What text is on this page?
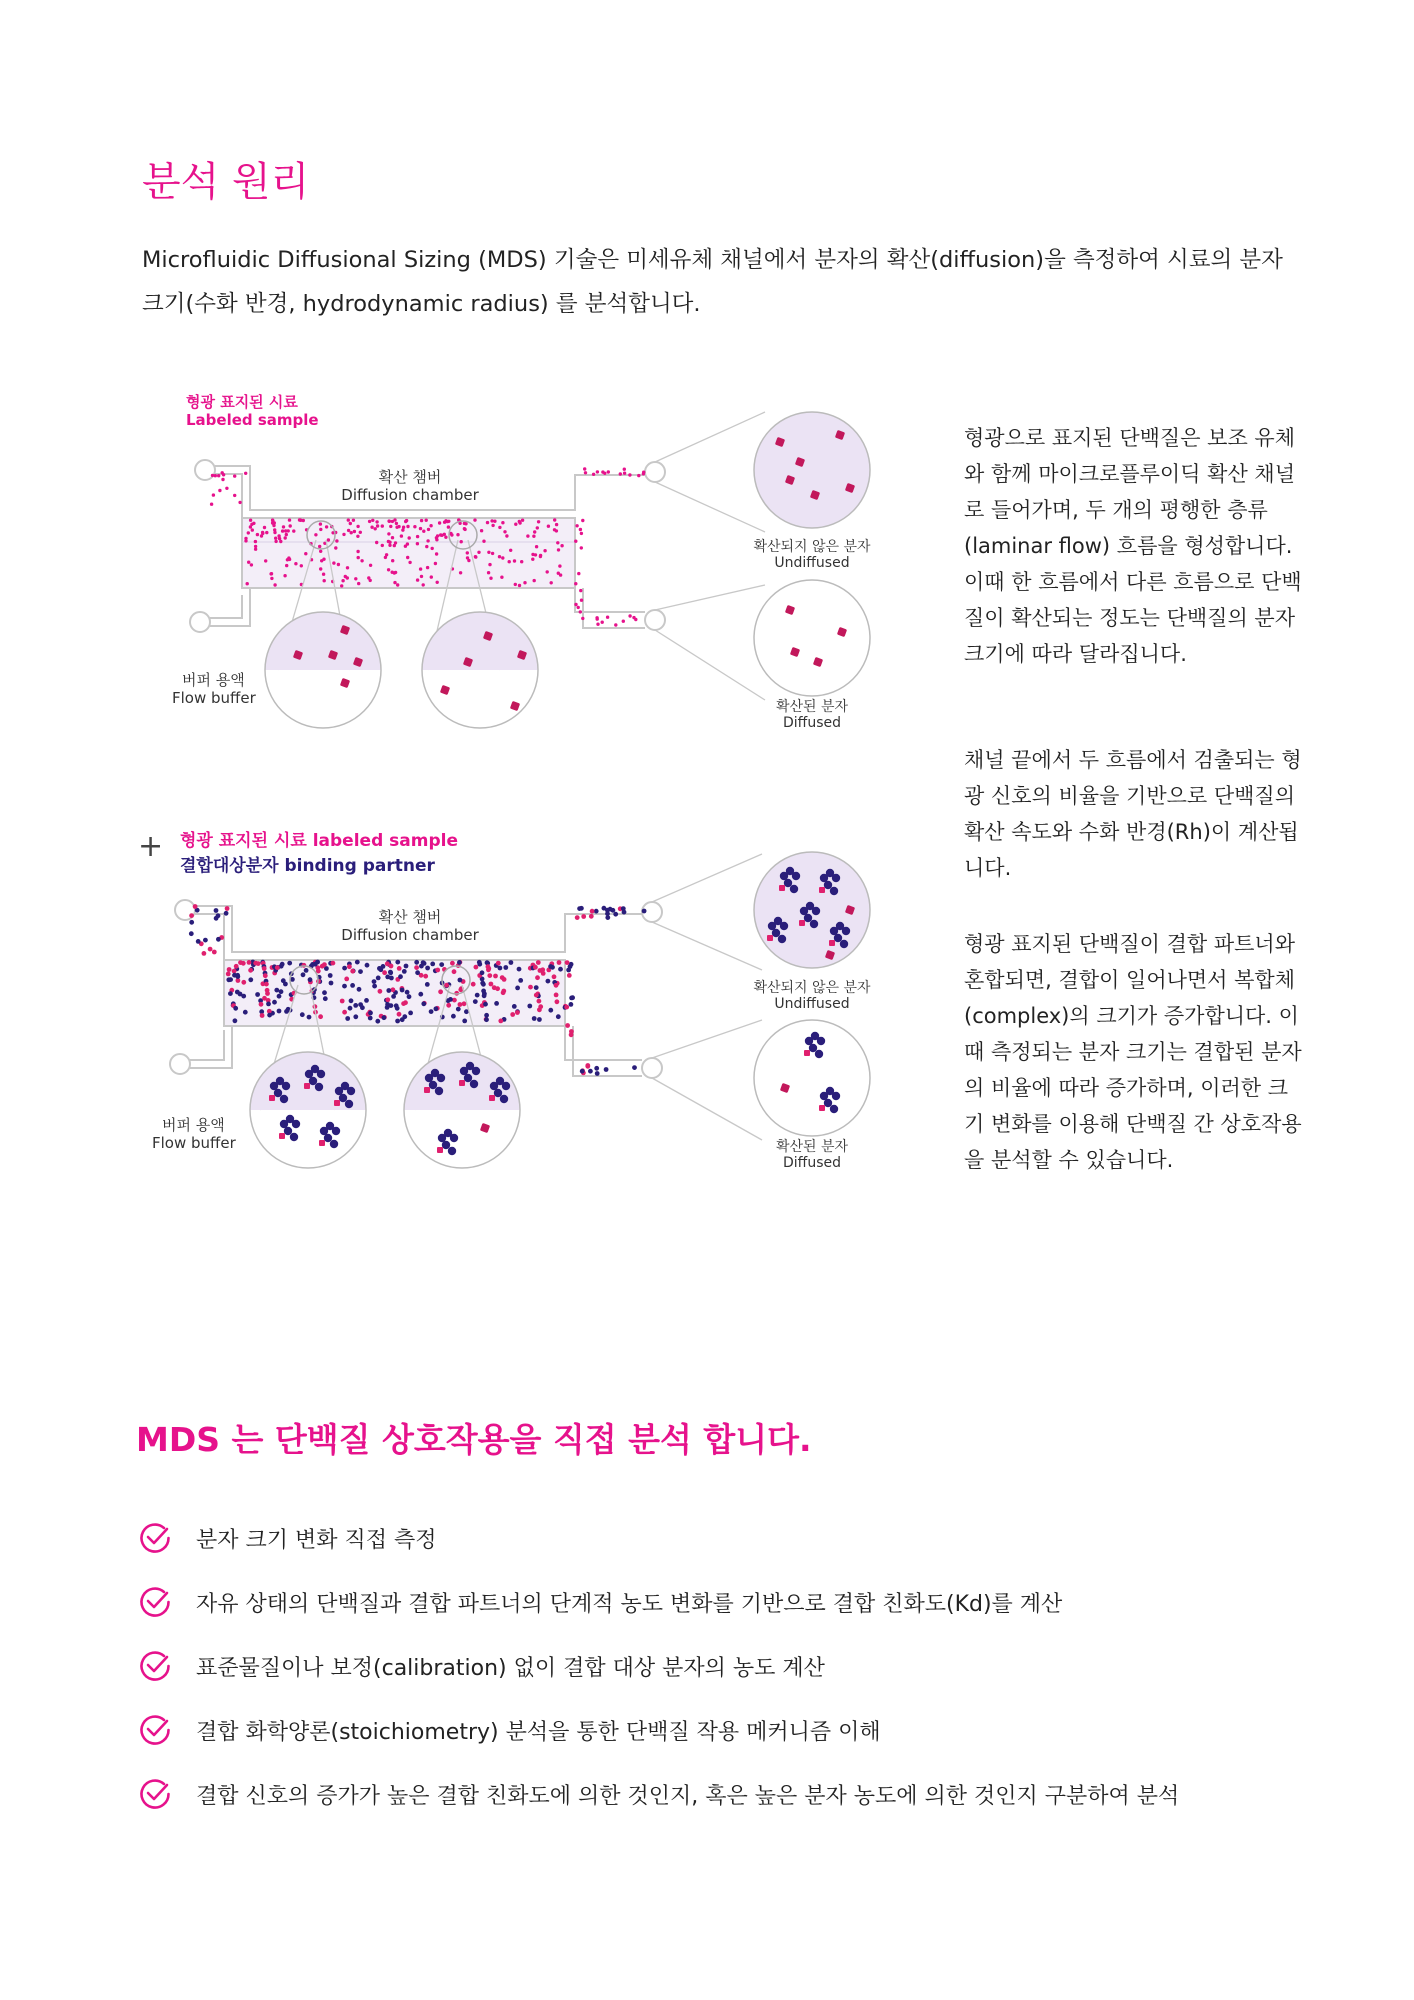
분석 원리

Microfluidic Diffusional Sizing (MDS) 기술은 미세유체 채널에서 분자의 확산(diffusion)을 측정하여 시료의 분자 크기(수화 반경, hydrodynamic radius) 를 분석합니다.

형광 표지된 시료
Labeled sample
확산 챔버
Diffusion chamber
버퍼 용액
Flow buffer
확산되지 않은 분자
Undiffused
확산된 분자
Diffused
+ 형광 표지된 시료 labeled sample
결합대상분자 binding partner
확산 챔버
Diffusion chamber
버퍼 용액
Flow buffer
확산되지 않은 분자
Undiffused
확산된 분자
Diffused

형광으로 표지된 단백질은 보조 유체와 함께 마이크로플루이딕 확산 채널로 들어가며, 두 개의 평행한 층류(laminar flow) 흐름을 형성합니다. 이때 한 흐름에서 다른 흐름으로 단백질이 확산되는 정도는 단백질의 분자 크기에 따라 달라집니다.

채널 끝에서 두 흐름에서 검출되는 형광 신호의 비율을 기반으로 단백질의 확산 속도와 수화 반경(Rh)이 계산됩니다.

형광 표지된 단백질이 결합 파트너와 혼합되면, 결합이 일어나면서 복합체(complex)의 크기가 증가합니다. 이때 측정되는 분자 크기는 결합된 분자의 비율에 따라 증가하며, 이러한 크기 변화를 이용해 단백질 간 상호작용을 분석할 수 있습니다.

MDS 는 단백질 상호작용을 직접 분석 합니다.
분자 크기 변화 직접 측정
자유 상태의 단백질과 결합 파트너의 단계적 농도 변화를 기반으로 결합 친화도(Kd)를 계산
표준물질이나 보정(calibration) 없이 결합 대상 분자의 농도 계산
결합 화학양론(stoichiometry) 분석을 통한 단백질 작용 메커니즘 이해
결합 신호의 증가가 높은 결합 친화도에 의한 것인지, 혹은 높은 분자 농도에 의한 것인지 구분하여 분석
